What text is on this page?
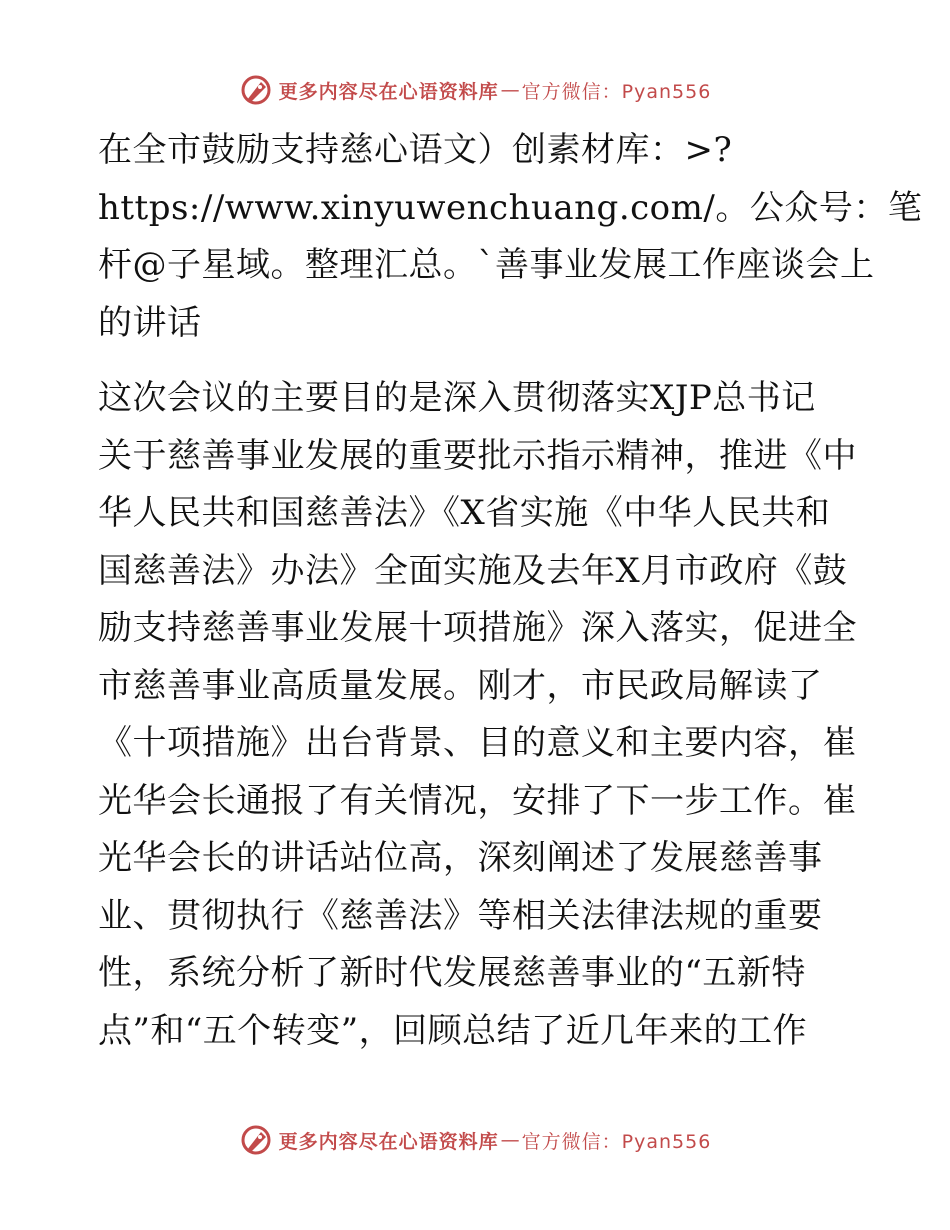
更多内容尽在心语资料库 — 官方微信：Pyan556

在全市鼓励支持慈心语文）创素材库：>?
https://www.xinyuwenchuang.com/。公众号：笔
杆@子星域。整理汇总。`善事业发展工作座谈会上
的讲话

这次会议的主要目的是深入贯彻落实XJP总书记
关于慈善事业发展的重要批示指示精神，推进《中
华人民共和国慈善法》《X省实施《中华人民共和
国慈善法》办法》全面实施及去年X月市政府《鼓
励支持慈善事业发展十项措施》深入落实，促进全
市慈善事业高质量发展。刚才，市民政局解读了
《十项措施》出台背景、目的意义和主要内容，崔
光华会长通报了有关情况，安排了下一步工作。崔
光华会长的讲话站位高，深刻阐述了发展慈善事
业、贯彻执行《慈善法》等相关法律法规的重要
性，系统分析了新时代发展慈善事业的“五新特
点”和“五个转变”，回顾总结了近几年来的工作

更多内容尽在心语资料库 — 官方微信：Pyan556
